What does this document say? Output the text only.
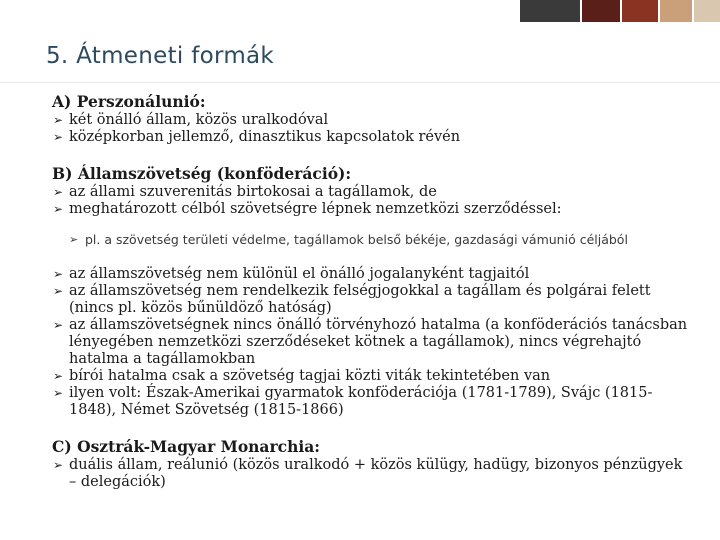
5. Átmeneti formák

A) Perszonálunió:

➢ két önálló állam, közös uralkodóval

➢ középkorban jellemző, dinasztikus kapcsolatok révén

B) Államszövetség (konföderáció):

➢ az állami szuverenitás birtokosai a tagállamok, de

➢ meghatározott célból szövetségre lépnek nemzetközi szerződéssel:

➢ pl. a szövetség területi védelme, tagállamok belső békéje, gazdasági vámunió céljából

➢ az államszövetség nem különül el önálló jogalanyként tagjaitól

➢ az államszövetség nem rendelkezik felségjogokkal a tagállam és polgárai felett (nincs pl. közös bűnüldöző hatóság)

➢ az államszövetségnek nincs önálló törvényhozó hatalma (a konföderációs tanácsban lényegében nemzetközi szerződéseket kötnek a tagállamok), nincs végrehajtó hatalma a tagállamokban

➢ bírói hatalma csak a szövetség tagjai közti viták tekintetében van

➢ ilyen volt: Észak-Amerikai gyarmatok konföderációja (1781-1789), Svájc (1815-1848), Német Szövetség (1815-1866)

C) Osztrák-Magyar Monarchia:

➢ duális állam, reálunió (közös uralkodó + közös külügy, hadügy, bizonyos pénzügyek – delegációk)
